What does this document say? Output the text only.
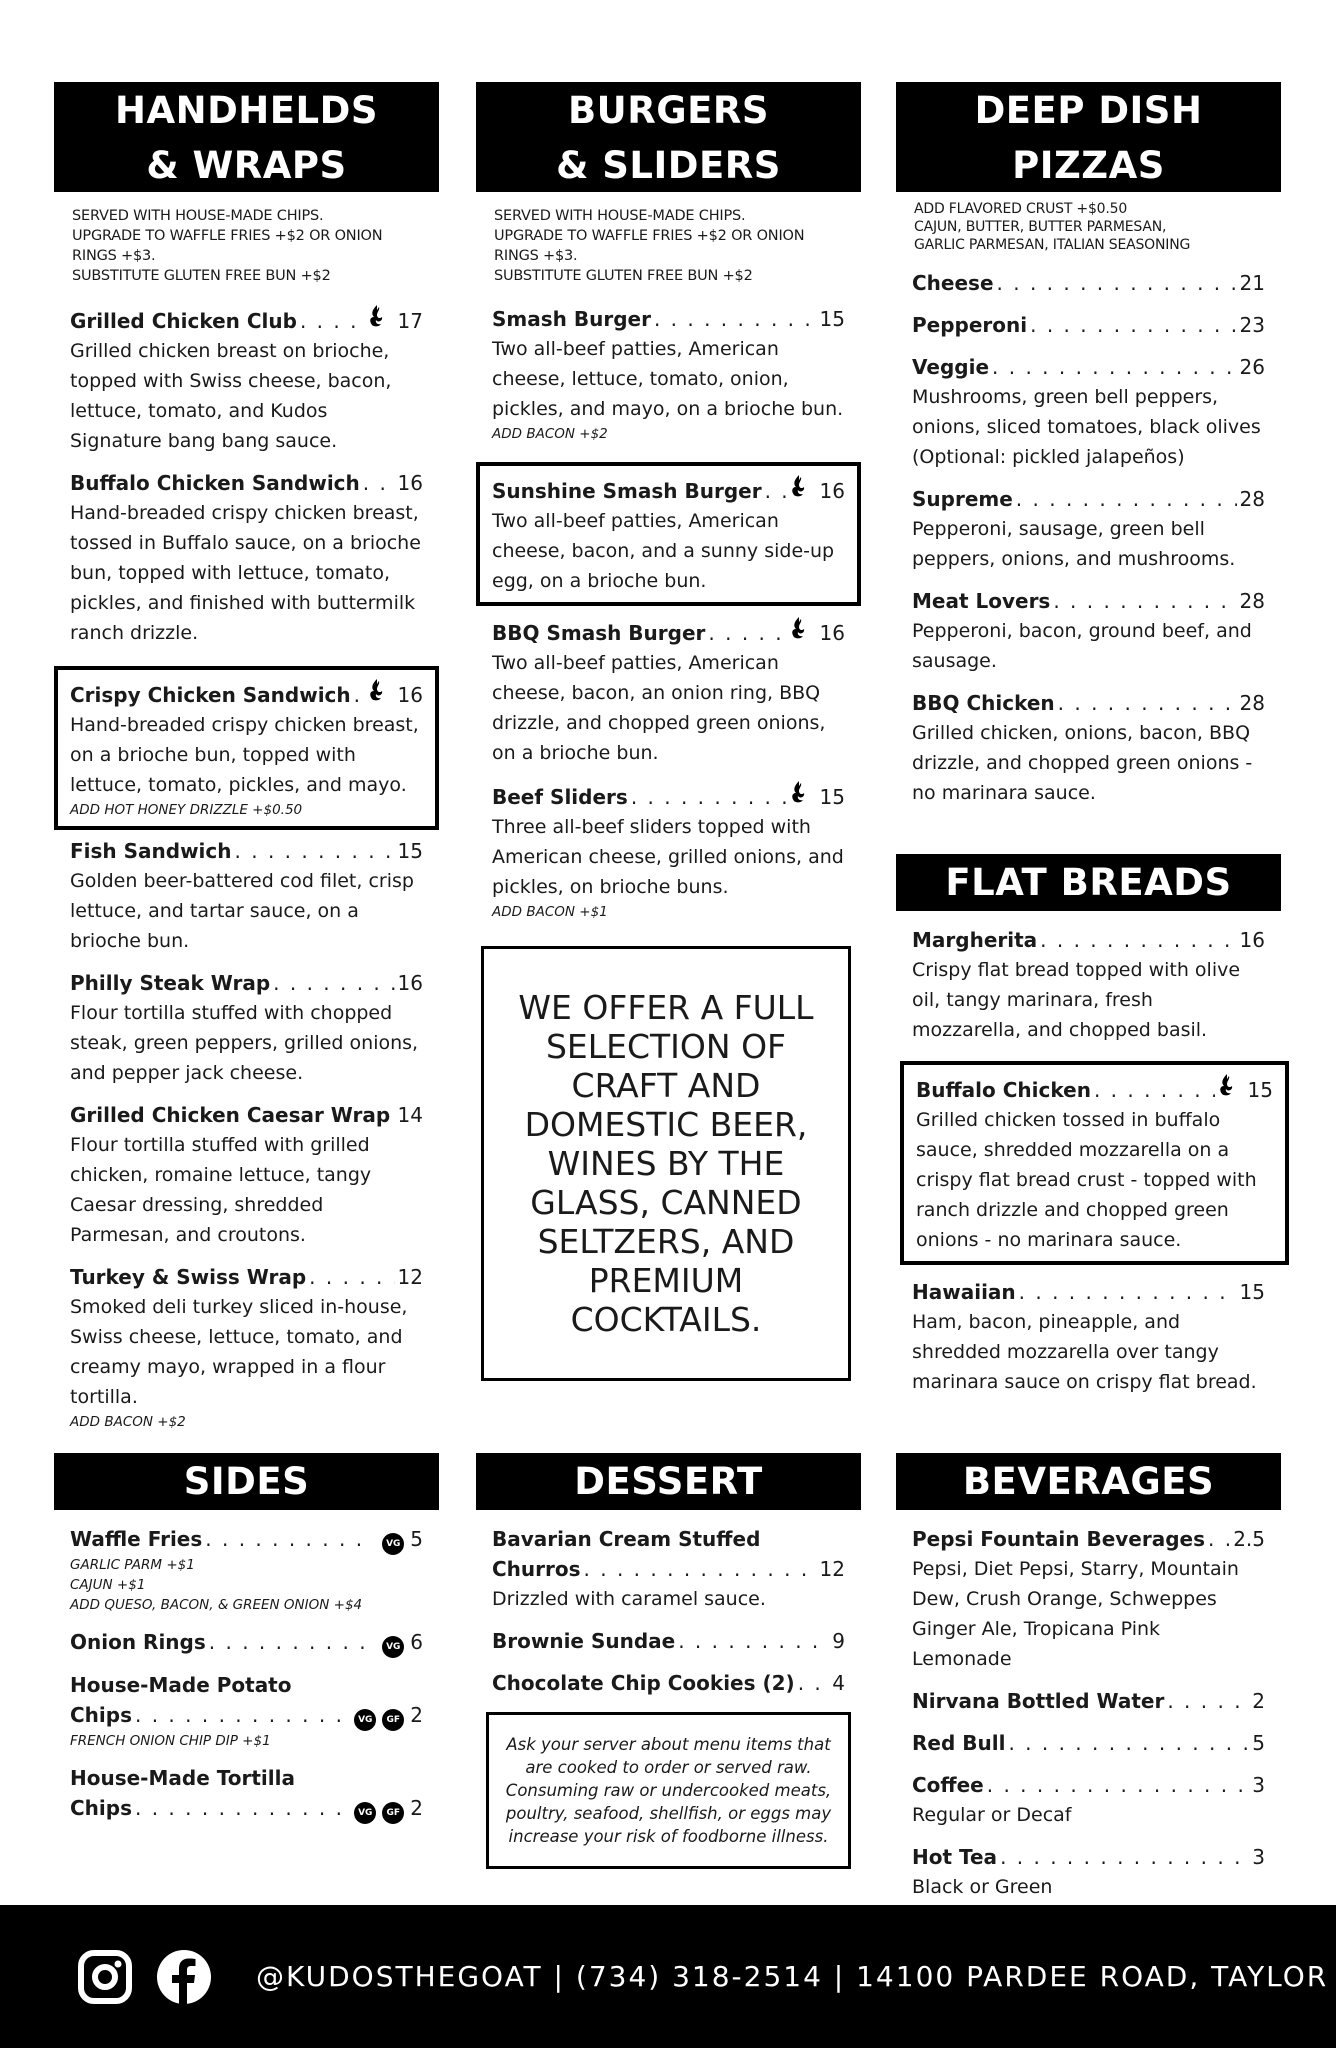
HANDHELDS
& WRAPS
SERVED WITH HOUSE-MADE CHIPS.
UPGRADE TO WAFFLE FRIES +$2 OR ONION
RINGS +$3.
SUBSTITUTE GLUTEN FREE BUN +$2
Grilled Chicken Club . . .	17
Grilled chicken breast on brioche, topped with Swiss cheese, bacon, lettuce, tomato, and Kudos Signature bang bang sauce.
Buffalo Chicken Sandwich . . . 16
Hand-breaded crispy chicken breast, tossed in Buffalo sauce, on a brioche bun, topped with lettuce, tomato, pickles, and finished with buttermilk ranch drizzle.
Crispy Chicken Sandwich . . . 16
Hand-breaded crispy chicken breast, on a brioche bun, topped with lettuce, tomato, pickles, and mayo.
ADD HOT HONEY DRIZZLE +$0.50
Fish Sandwich . . .	15
Golden beer-battered cod filet, crisp lettuce, and tartar sauce, on a brioche bun.
Philly Steak Wrap . . .	16
Flour tortilla stuffed with chopped steak, green peppers, grilled onions, and pepper jack cheese.
Grilled Chicken Caesar Wrap . . . 14
Flour tortilla stuffed with grilled chicken, romaine lettuce, tangy Caesar dressing, shredded Parmesan, and croutons.
Turkey & Swiss Wrap . . .	12
Smoked deli turkey sliced in-house, Swiss cheese, lettuce, tomato, and creamy mayo, wrapped in a flour tortilla.
ADD BACON +$2
BURGERS
& SLIDERS
SERVED WITH HOUSE-MADE CHIPS.
UPGRADE TO WAFFLE FRIES +$2 OR ONION
RINGS +$3.
SUBSTITUTE GLUTEN FREE BUN +$2
Smash Burger . . .	15
Two all-beef patties, American cheese, lettuce, tomato, onion, pickles, and mayo, on a brioche bun.
ADD BACON +$2
Sunshine Smash Burger . . .	16
Two all-beef patties, American cheese, bacon, and a sunny side-up egg, on a brioche bun.
BBQ Smash Burger . . .	16
Two all-beef patties, American cheese, bacon, an onion ring, BBQ drizzle, and chopped green onions, on a brioche bun.
Beef Sliders . . .	15
Three all-beef sliders topped with American cheese, grilled onions, and pickles, on brioche buns.
ADD BACON +$1
WE OFFER A FULL SELECTION OF CRAFT AND DOMESTIC BEER, WINES BY THE GLASS, CANNED SELTZERS, AND PREMIUM COCKTAILS.
DEEP DISH
PIZZAS
ADD FLAVORED CRUST +$0.50
CAJUN, BUTTER, BUTTER PARMESAN,
GARLIC PARMESAN, ITALIAN SEASONING
Cheese . . .	21
Pepperoni . . .	23
Veggie . . .	26
Mushrooms, green bell peppers, onions, sliced tomatoes, black olives (Optional: pickled jalapeños)
Supreme . . .	28
Pepperoni, sausage, green bell peppers, onions, and mushrooms.
Meat Lovers . . .	28
Pepperoni, bacon, ground beef, and sausage.
BBQ Chicken . . .	28
Grilled chicken, onions, bacon, BBQ drizzle, and chopped green onions - no marinara sauce.
FLAT BREADS
Margherita . . .	16
Crispy flat bread topped with olive oil, tangy marinara, fresh mozzarella, and chopped basil.
Buffalo Chicken . . .	15
Grilled chicken tossed in buffalo sauce, shredded mozzarella on a crispy flat bread crust - topped with ranch drizzle and chopped green onions - no marinara sauce.
Hawaiian . . .	15
Ham, bacon, pineapple, and shredded mozzarella over tangy marinara sauce on crispy flat bread.
SIDES
Waffle Fries . . .	VG 5
GARLIC PARM +$1
CAJUN +$1
ADD QUESO, BACON, & GREEN ONION +$4
Onion Rings . . .	VG 6
House-Made Potato
Chips . . .	VG	GF 2
FRENCH ONION CHIP DIP +$1
House-Made Tortilla
Chips . . .	VG	GF 2
DESSERT
Bavarian Cream Stuffed
Churros . . .	12
Drizzled with caramel sauce.
Brownie Sundae . . .	9
Chocolate Chip Cookies (2) . . . 4
Ask your server about menu items that are cooked to order or served raw. Consuming raw or undercooked meats, poultry, seafood, shellfish, or eggs may increase your risk of foodborne illness.
BEVERAGES
Pepsi Fountain Beverages . . . 2.5
Pepsi, Diet Pepsi, Starry, Mountain Dew, Crush Orange, Schweppes Ginger Ale, Tropicana Pink Lemonade
Nirvana Bottled Water . . .	2
Red Bull . . .	5
Coffee . . .	3
Regular or Decaf
Hot Tea . . .	3
Black or Green
@KUDOSTHEGOAT | (734) 318-2514 | 14100 PARDEE ROAD, TAYLOR
